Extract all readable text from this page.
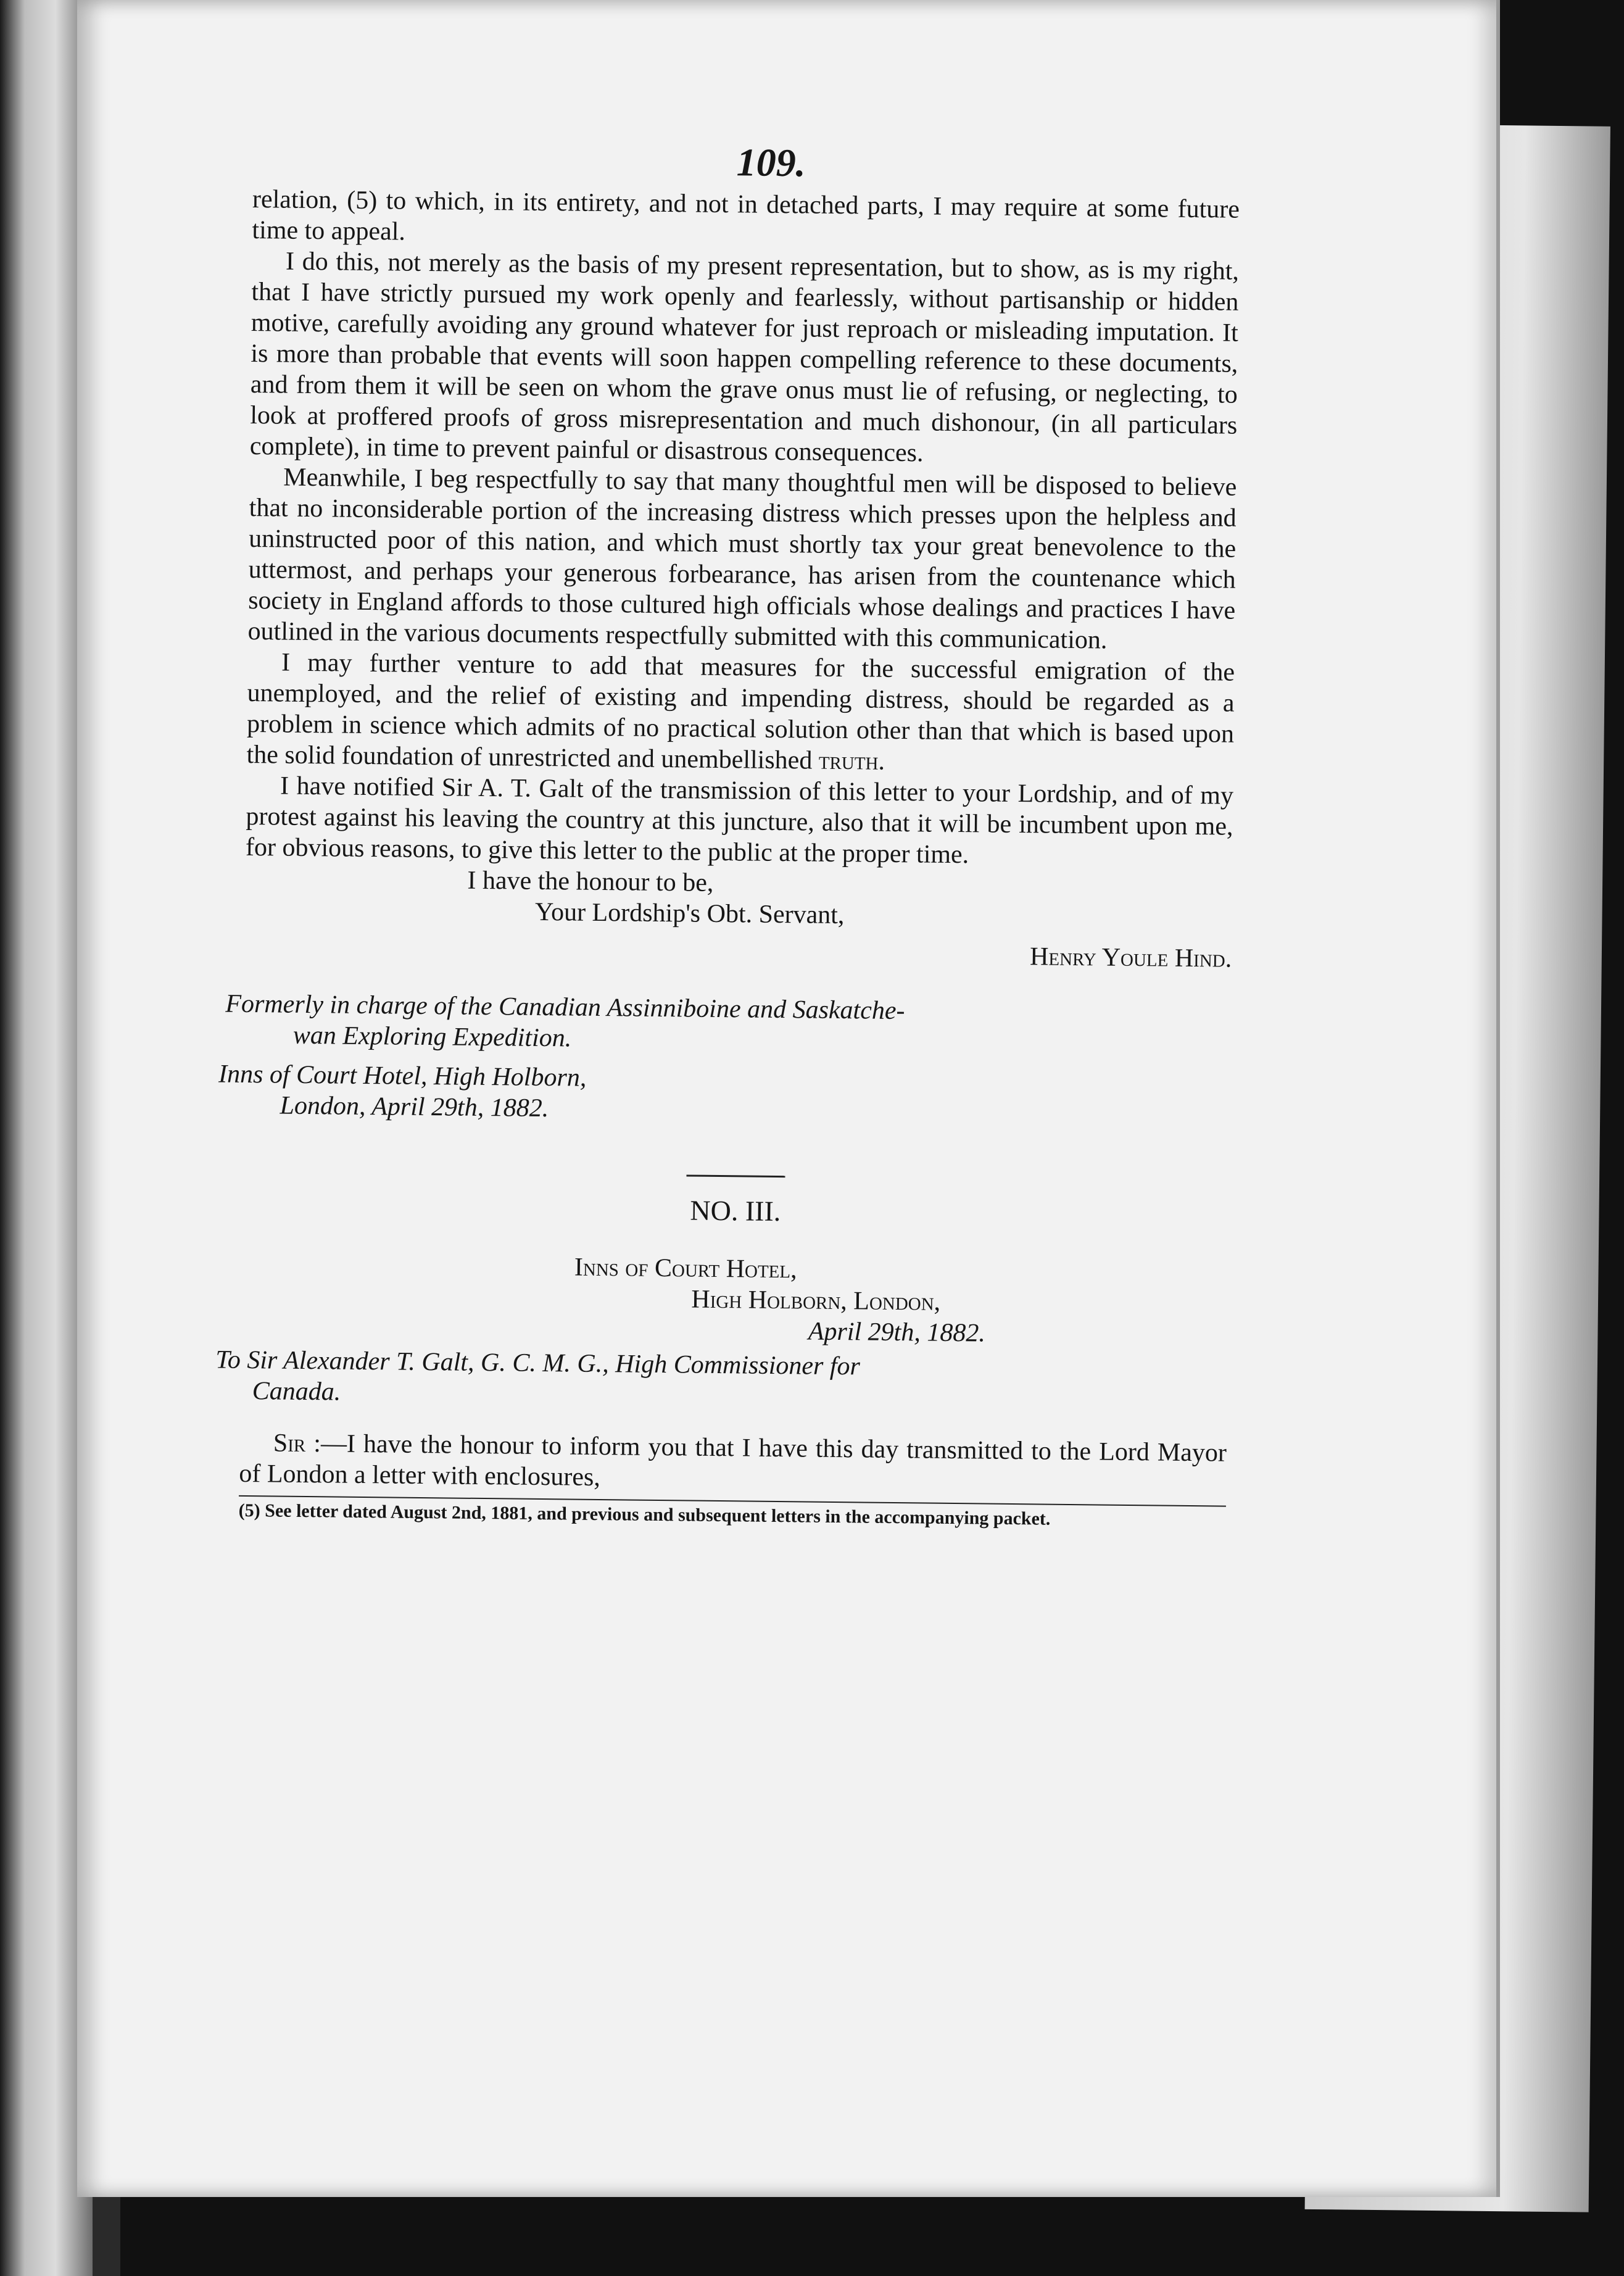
109.

relation, (5) to which, in its entirety, and not in detached parts, I may require at some future time to appeal.

I do this, not merely as the basis of my present representation, but to show, as is my right, that I have strictly pursued my work openly and fearlessly, without partisanship or hidden motive, carefully avoiding any ground whatever for just reproach or misleading imputation. It is more than probable that events will soon happen compelling reference to these documents, and from them it will be seen on whom the grave onus must lie of refusing, or neglecting, to look at proffered proofs of gross misrepresentation and much dishonour, (in all particulars complete), in time to prevent painful or disastrous consequences.

Meanwhile, I beg respectfully to say that many thoughtful men will be disposed to believe that no inconsiderable portion of the increasing distress which presses upon the helpless and uninstructed poor of this nation, and which must shortly tax your great benevolence to the uttermost, and perhaps your generous forbearance, has arisen from the countenance which society in England affords to those cultured high officials whose dealings and practices I have outlined in the various documents respectfully submitted with this communication.

I may further venture to add that measures for the successful emigration of the unemployed, and the relief of existing and impending distress, should be regarded as a problem in science which admits of no practical solution other than that which is based upon the solid foundation of unrestricted and unembellished truth.

I have notified Sir A. T. Galt of the transmission of this letter to your Lordship, and of my protest against his leaving the country at this juncture, also that it will be incumbent upon me, for obvious reasons, to give this letter to the public at the proper time.

I have the honour to be,
Your Lordship's Obt. Servant,
Henry Youle Hind.
Formerly in charge of the Canadian Assinniboine and Saskatche-
wan Exploring Expedition.
Inns of Court Hotel, High Holborn,
London, April 29th, 1882.
NO. III.
Inns of Court Hotel,
High Holborn, London,
April 29th, 1882.
To Sir Alexander T. Galt, G. C. M. G., High Commissioner for
Canada.

Sir :—I have the honour to inform you that I have this day transmitted to the Lord Mayor of London a letter with enclosures,

(5) See letter dated August 2nd, 1881, and previous and subsequent letters in the accompanying packet.
